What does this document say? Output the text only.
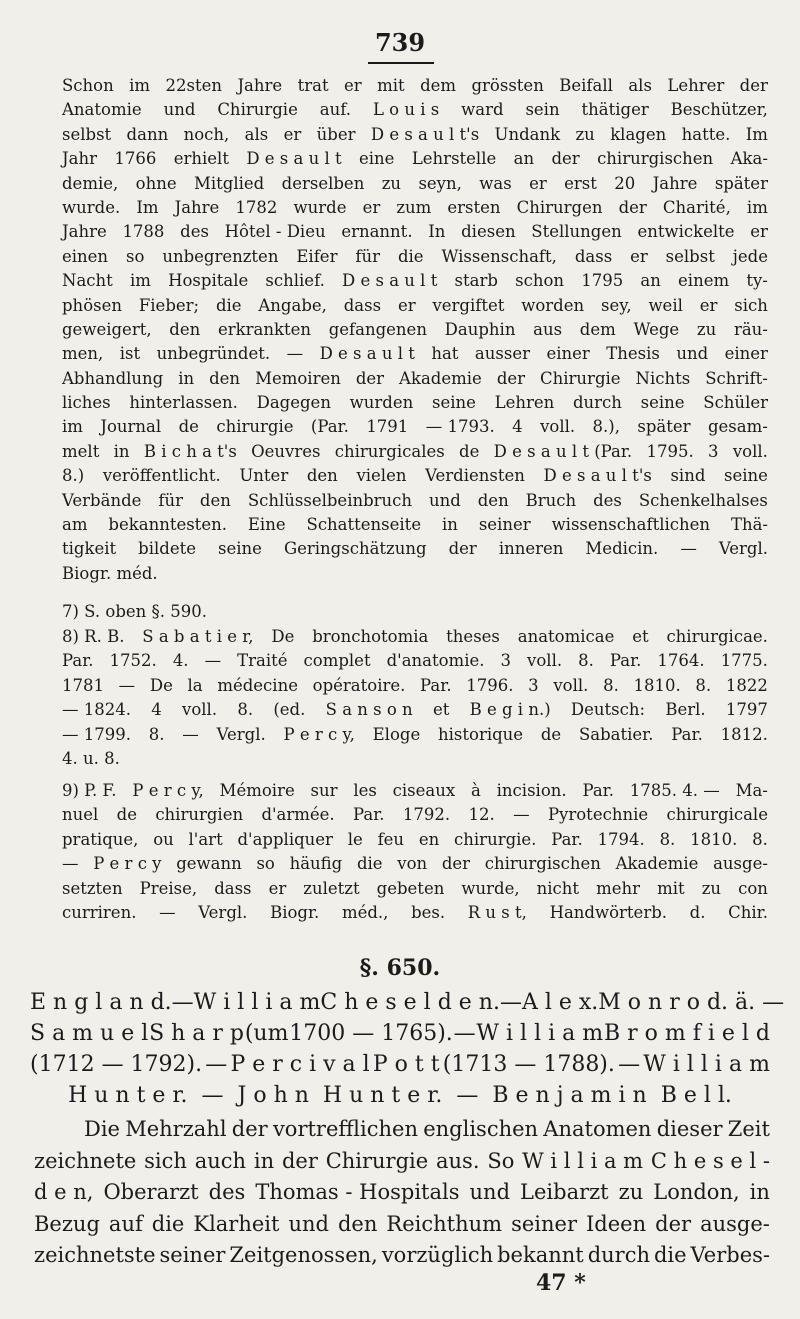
739
Schon im 22sten Jahre trat er mit dem grössten Beifall als Lehrer der
Anatomie und Chirurgie auf. L o u i s ward sein thätiger Beschützer,
selbst dann noch, als er über D e s a u l t's Undank zu klagen hatte. Im
Jahr 1766 erhielt D e s a u l t eine Lehrstelle an der chirurgischen Aka-
demie, ohne Mitglied derselben zu seyn, was er erst 20 Jahre später
wurde. Im Jahre 1782 wurde er zum ersten Chirurgen der Charité, im
Jahre 1788 des Hôtel - Dieu ernannt. In diesen Stellungen entwickelte er
einen so unbegrenzten Eifer für die Wissenschaft, dass er selbst jede
Nacht im Hospitale schlief. D e s a u l t starb schon 1795 an einem ty-
phösen Fieber; die Angabe, dass er vergiftet worden sey, weil er sich
geweigert, den erkrankten gefangenen Dauphin aus dem Wege zu räu-
men, ist unbegründet. — D e s a u l t hat ausser einer Thesis und einer
Abhandlung in den Memoiren der Akademie der Chirurgie Nichts Schrift-
liches hinterlassen. Dagegen wurden seine Lehren durch seine Schüler
im Journal de chirurgie (Par. 1791 — 1793. 4 voll. 8.), später gesam-
melt in B i c h a t's Oeuvres chirurgicales de D e s a u l t (Par. 1795. 3 voll.
8.) veröffentlicht. Unter den vielen Verdiensten D e s a u l t's sind seine
Verbände für den Schlüsselbeinbruch und den Bruch des Schenkelhalses
am bekanntesten. Eine Schattenseite in seiner wissenschaftlichen Thä-
tigkeit bildete seine Geringschätzung der inneren Medicin. — Vergl.
Biogr. méd.
7) S. oben §. 590.
8) R. B. S a b a t i e r, De bronchotomia theses anatomicae et chirurgicae.
Par. 1752. 4. — Traité complet d'anatomie. 3 voll. 8. Par. 1764. 1775.
1781 — De la médecine opératoire. Par. 1796. 3 voll. 8. 1810. 8. 1822
— 1824. 4 voll. 8. (ed. S a n s o n et B e g i n.) Deutsch: Berl. 1797
— 1799. 8. — Vergl. P e r c y, Eloge historique de Sabatier. Par. 1812.
4. u. 8.
9) P. F. P e r c y, Mémoire sur les ciseaux à incision. Par. 1785. 4. — Ma-
nuel de chirurgien d'armée. Par. 1792. 12. — Pyrotechnie chirurgicale
pratique, ou l'art d'appliquer le feu en chirurgie. Par. 1794. 8. 1810. 8.
— P e r c y gewann so häufig die von der chirurgischen Akademie ausge-
setzten Preise, dass er zuletzt gebeten wurde, nicht mehr mit zu con
curriren. — Vergl. Biogr. méd., bes. R u s t, Handwörterb. d. Chir.
§. 650.
E n g l a n d. — W i l l i a m C h e s e l d e n. — A l e x. M o n r o d. ä. —
S a m u e l S h a r p (um 1700 — 1765). — W i l l i a m B r o m f i e l d
(1712 — 1792). — P e r c i v a l P o t t (1713 — 1788). — W i l l i a m
H u n t e r. — J o h n H u n t e r. — B e n j a m i n B e l l.
Die Mehrzahl der vortrefflichen englischen Anatomen dieser Zeit
zeichnete sich auch in der Chirurgie aus. So W i l l i a m C h e s e l -
d e n, Oberarzt des Thomas - Hospitals und Leibarzt zu London, in
Bezug auf die Klarheit und den Reichthum seiner Ideen der ausge-
zeichnetste seiner Zeitgenossen, vorzüglich bekannt durch die Verbes-
47 *
